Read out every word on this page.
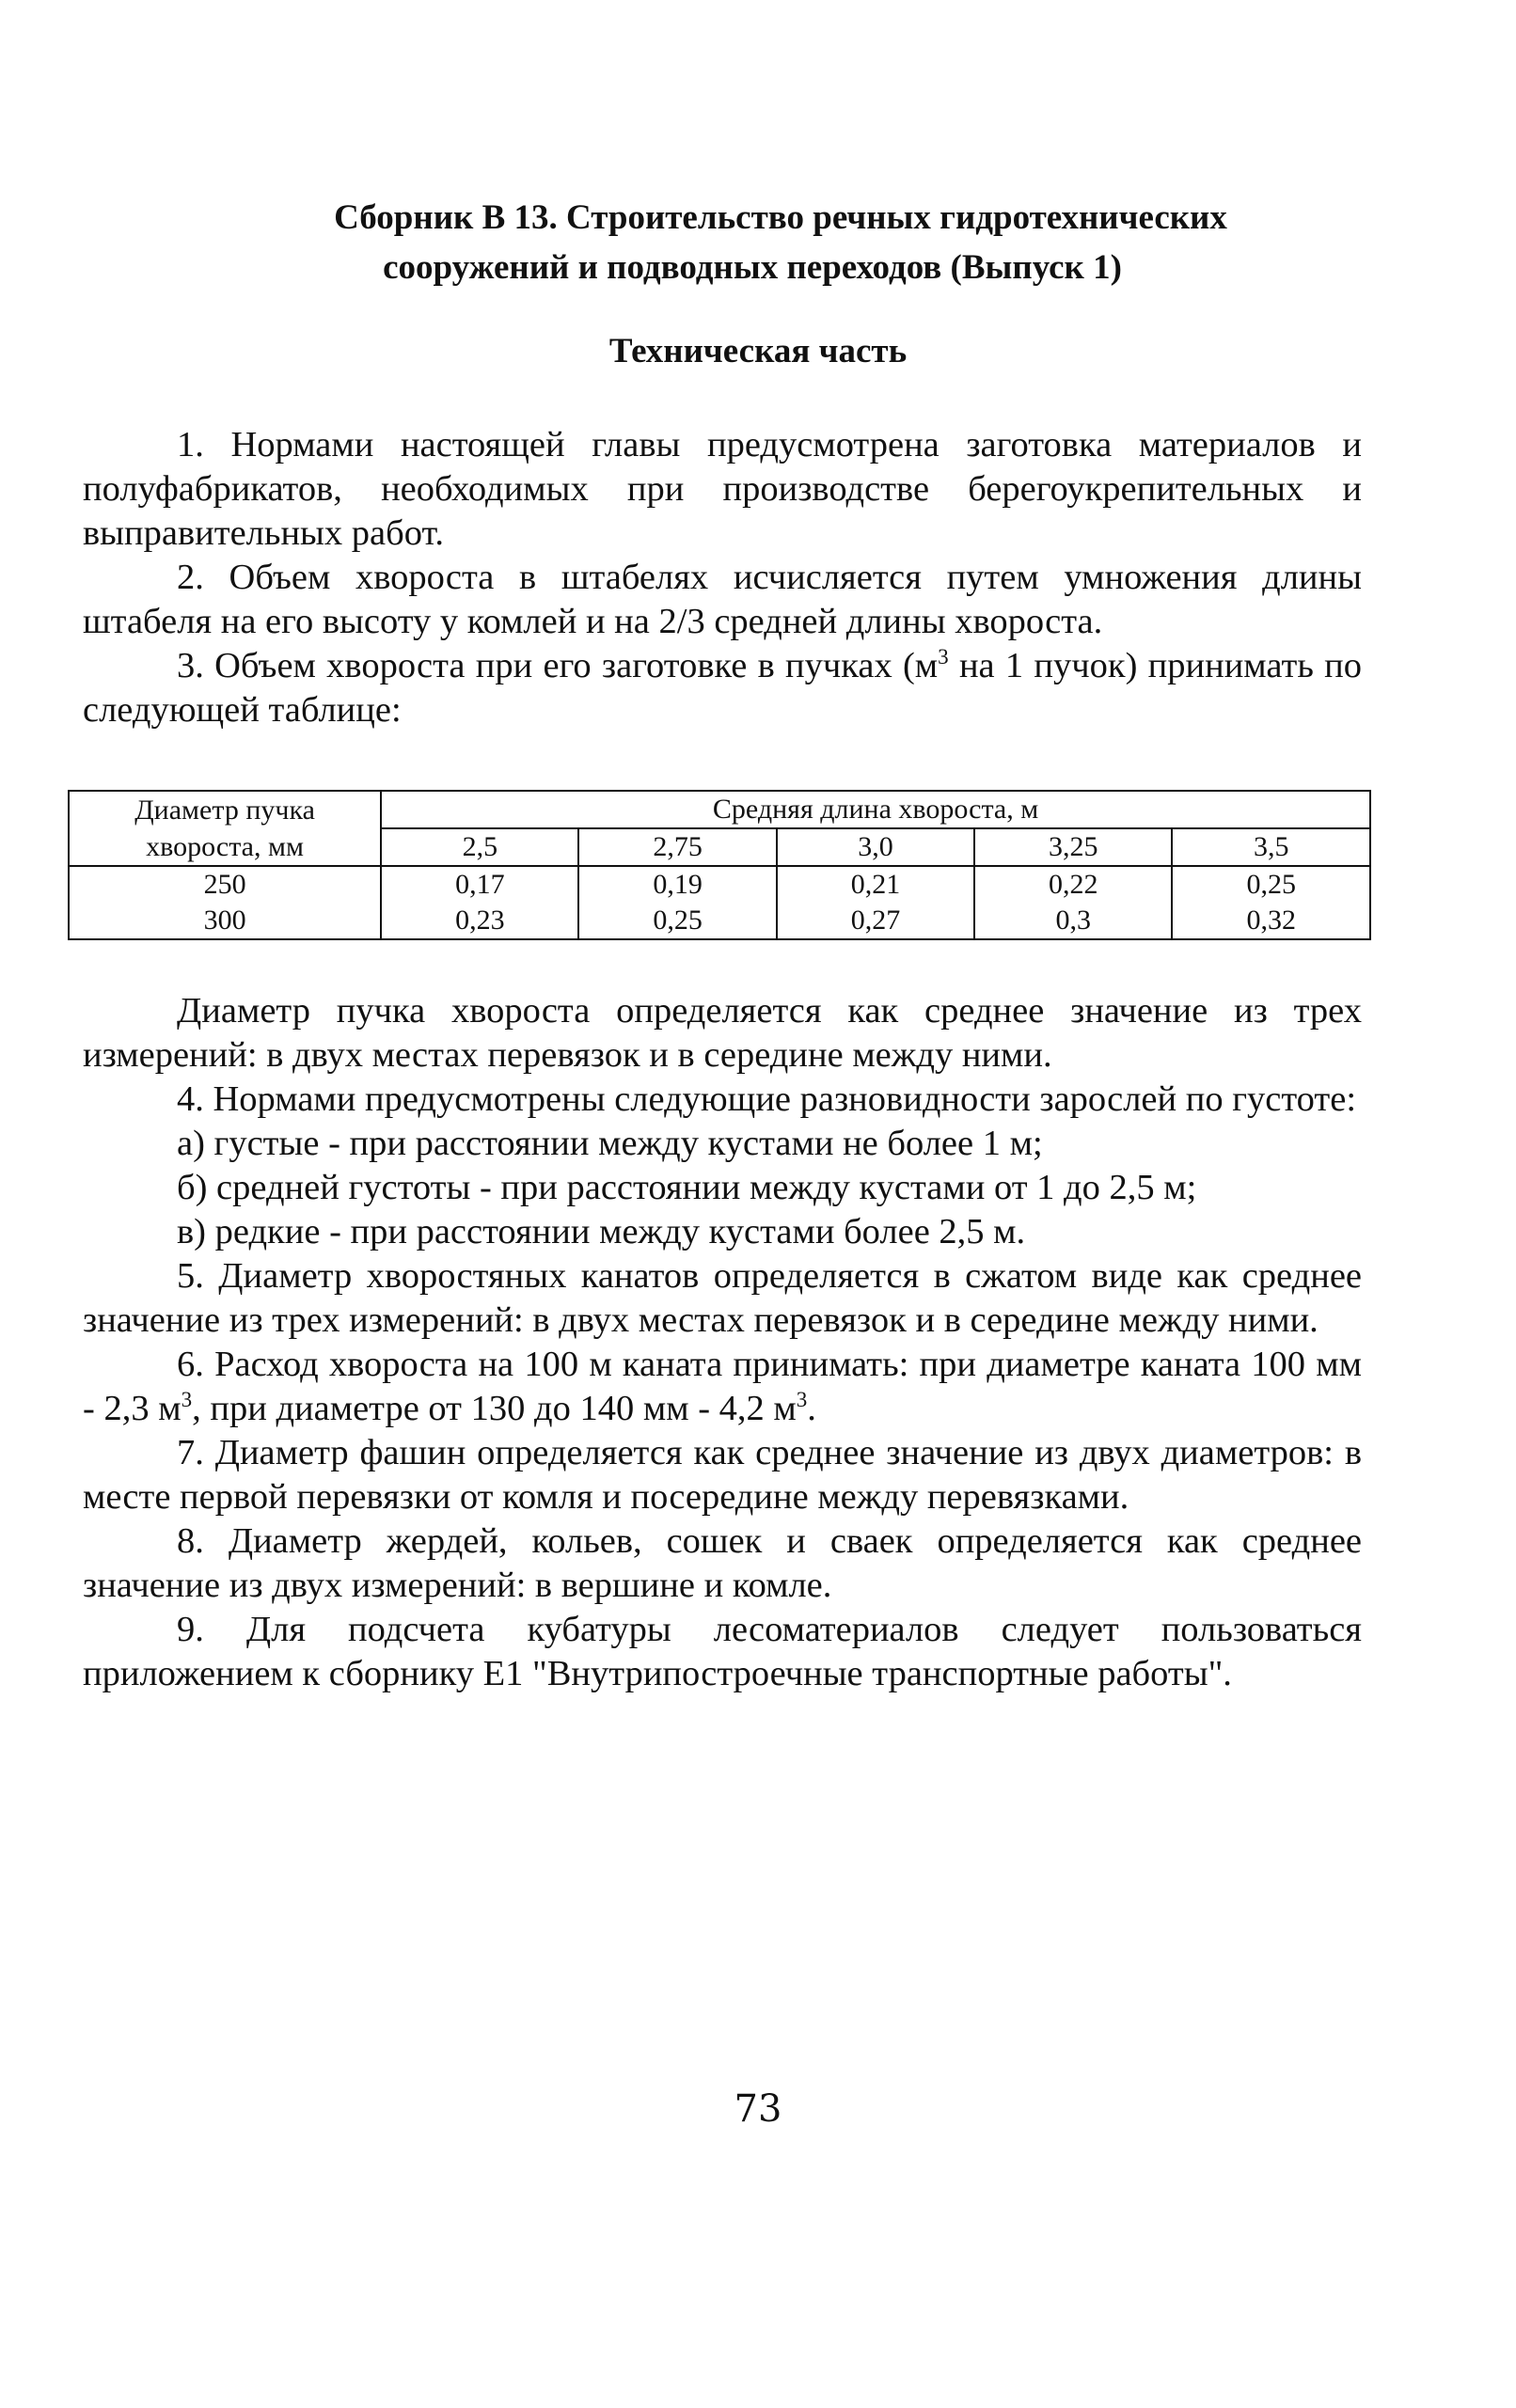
Сборник В 13. Строительство речных гидротехнических
сооружений и подводных переходов (Выпуск 1)
Техническая часть

1. Нормами настоящей главы предусмотрена заготовка материалов и полуфабрикатов, необходимых при производстве берегоукрепительных и выправительных работ.

2. Объем хвороста в штабелях исчисляется путем умножения длины штабеля на его высоту у комлей и на 2/3 средней длины хвороста.

3. Объем хвороста при его заготовке в пучках ($м^3$ на 1 пучок) принимать по следующей таблице:

Диаметр пучка	Средняя длина хвороста, м				
хвороста, мм	2,5	2,75	3,0	3,25	3,5
250	0,17	0,19	0,21	0,22	0,25
300	0,23	0,25	0,27	0,3	0,32

Диаметр пучка хвороста определяется как среднее значение из трех измерений: в двух местах перевязок и в середине между ними.

4. Нормами предусмотрены следующие разновидности зарослей по густоте:

а) густые - при расстоянии между кустами не более 1 м;

б) средней густоты - при расстоянии между кустами от 1 до 2,5 м;

в) редкие - при расстоянии между кустами более 2,5 м.

5. Диаметр хворостяных канатов определяется в сжатом виде как среднее значение из трех измерений: в двух местах перевязок и в середине между ними.

6. Расход хвороста на 100 м каната принимать: при диаметре каната 100 мм - 2,3 $м^3$, при диаметре от 130 до 140 мм - 4,2 $м^3$.

7. Диаметр фашин определяется как среднее значение из двух диаметров: в месте первой перевязки от комля и посередине между перевязками.

8. Диаметр жердей, кольев, сошек и сваек определяется как среднее значение из двух измерений: в вершине и комле.

9. Для подсчета кубатуры лесоматериалов следует пользоваться приложением к сборнику Е1 "Внутрипостроечные транспортные работы".

73
